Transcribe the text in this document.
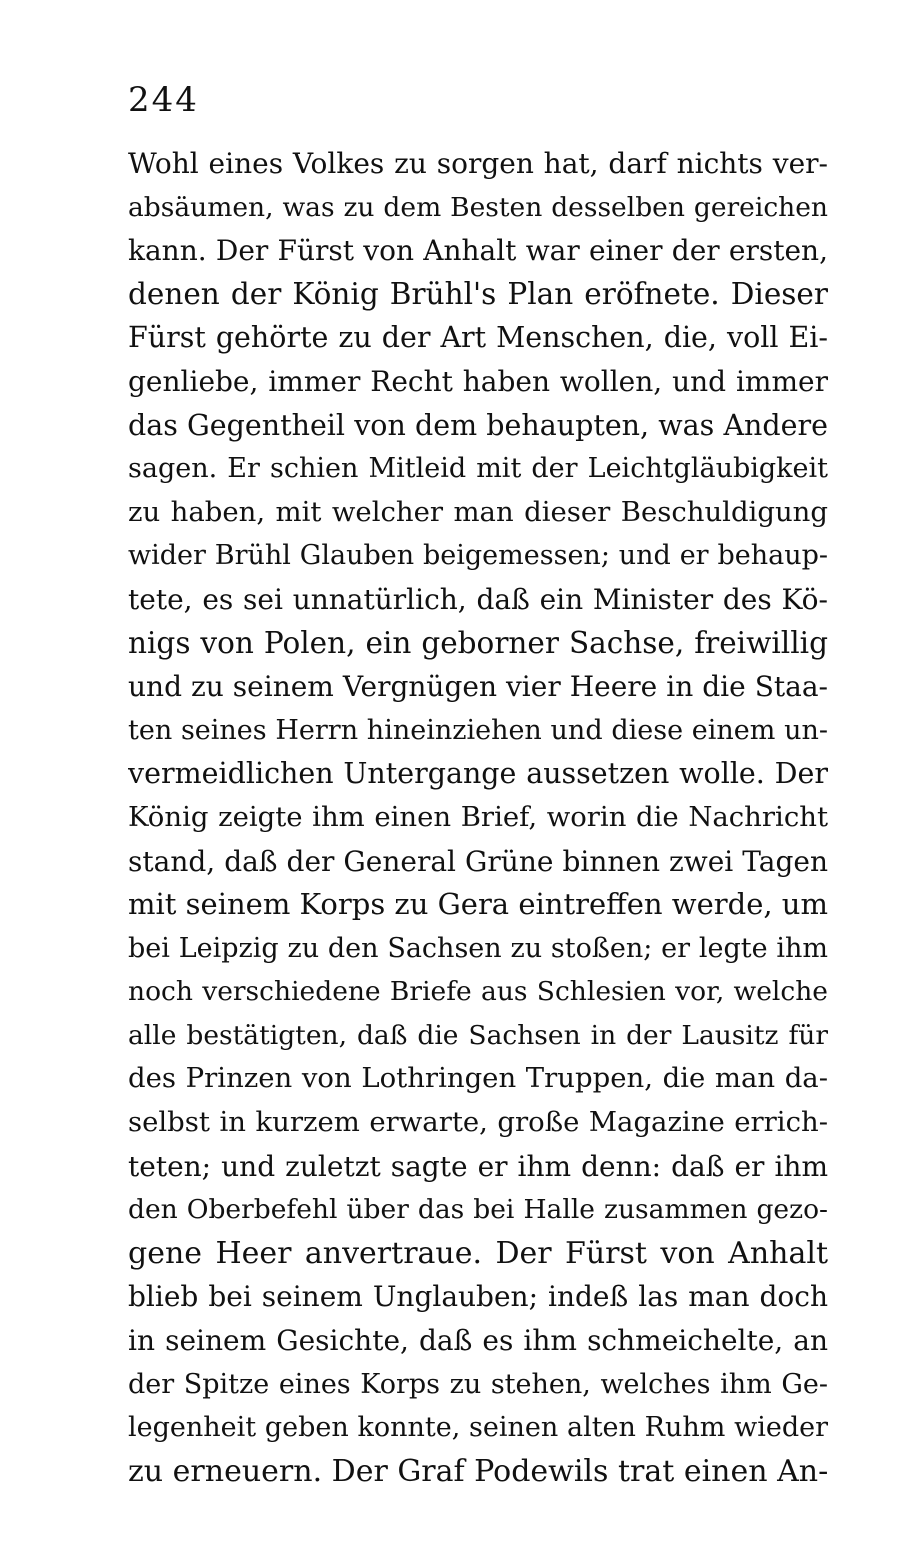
244
Wohl eines Volkes zu sorgen hat, darf nichts ver-
absäumen, was zu dem Besten desselben gereichen
kann. Der Fürst von Anhalt war einer der ersten,
denen der König Brühl's Plan eröfnete. Dieser
Fürst gehörte zu der Art Menschen, die, voll Ei-
genliebe, immer Recht haben wollen, und immer
das Gegentheil von dem behaupten, was Andere
sagen. Er schien Mitleid mit der Leichtgläubigkeit
zu haben, mit welcher man dieser Beschuldigung
wider Brühl Glauben beigemessen; und er behaup-
tete, es sei unnatürlich, daß ein Minister des Kö-
nigs von Polen, ein geborner Sachse, freiwillig
und zu seinem Vergnügen vier Heere in die Staa-
ten seines Herrn hineinziehen und diese einem un-
vermeidlichen Untergange aussetzen wolle. Der
König zeigte ihm einen Brief, worin die Nachricht
stand, daß der General Grüne binnen zwei Tagen
mit seinem Korps zu Gera eintreffen werde, um
bei Leipzig zu den Sachsen zu stoßen; er legte ihm
noch verschiedene Briefe aus Schlesien vor, welche
alle bestätigten, daß die Sachsen in der Lausitz für
des Prinzen von Lothringen Truppen, die man da-
selbst in kurzem erwarte, große Magazine errich-
teten; und zuletzt sagte er ihm denn: daß er ihm
den Oberbefehl über das bei Halle zusammen gezo-
gene Heer anvertraue. Der Fürst von Anhalt
blieb bei seinem Unglauben; indeß las man doch
in seinem Gesichte, daß es ihm schmeichelte, an
der Spitze eines Korps zu stehen, welches ihm Ge-
legenheit geben konnte, seinen alten Ruhm wieder
zu erneuern. Der Graf Podewils trat einen An-
